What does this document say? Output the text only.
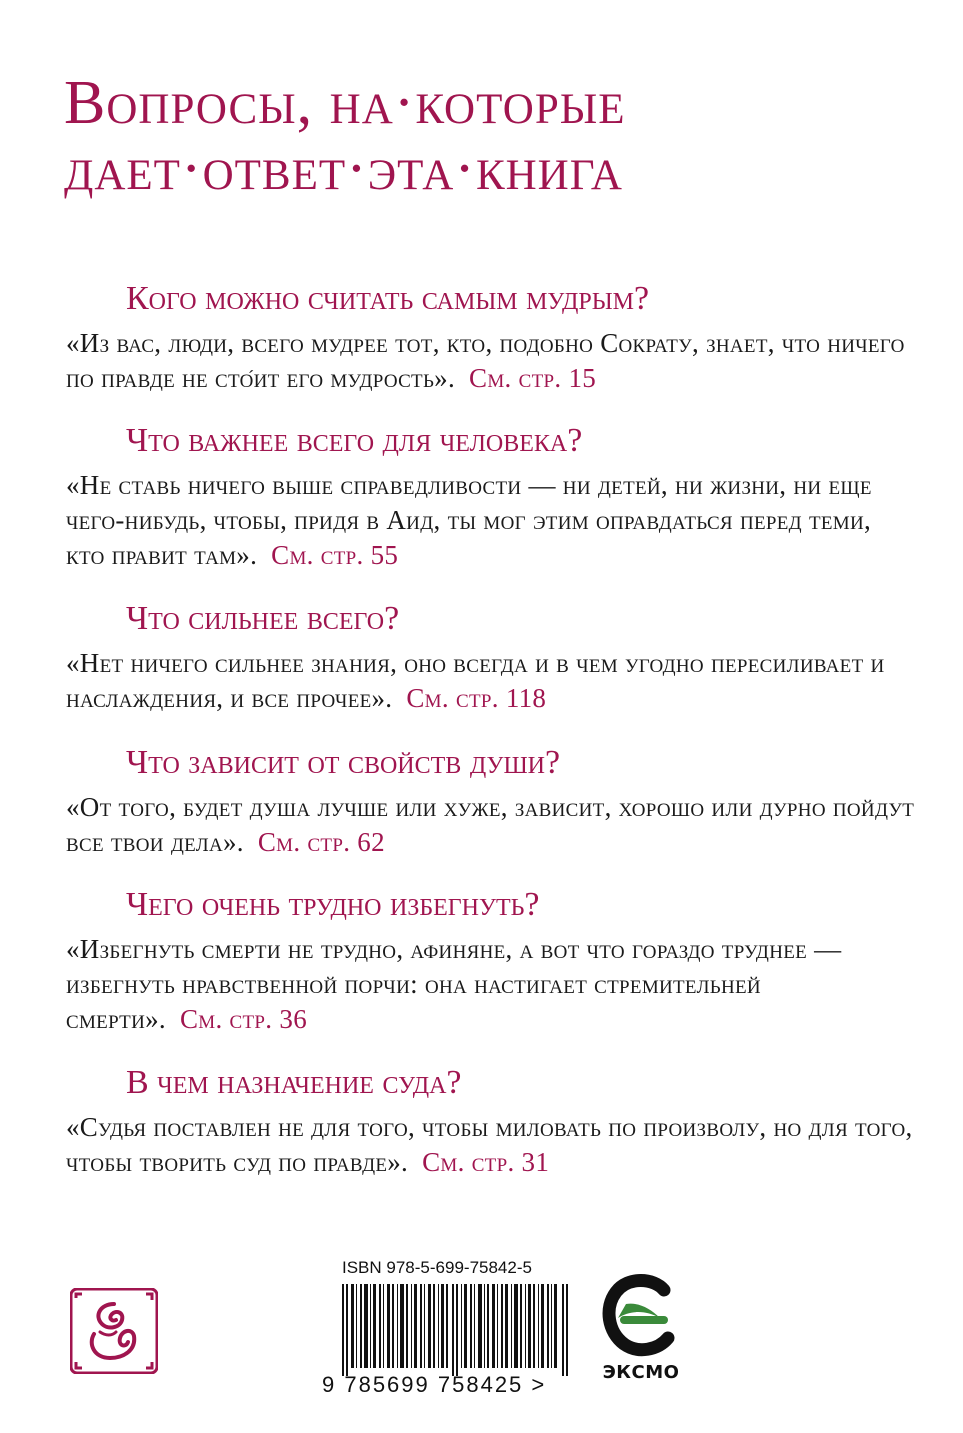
Вопросы, на·которые
дает·ответ·эта·книга

Кого можно считать самым мудрым?

«Из вас, люди, всего мудрее тот, кто, подобно Сократу, знает, что ничего по правде не сто́ит его мудрость». См. стр. 15

Что важнее всего для человека?

«Не ставь ничего выше справедливости — ни детей, ни жизни, ни еще чего-нибудь, чтобы, придя в Аид, ты мог этим оправдаться перед теми, кто правит там». См. стр. 55

Что сильнее всего?

«Нет ничего сильнее знания, оно всегда и в чем угодно пересиливает и наслаждения, и все прочее». См. стр. 118

Что зависит от свойств души?

«От того, будет душа лучше или хуже, зависит, хорошо или дурно пойдут все твои дела». См. стр. 62

Чего очень трудно избегнуть?

«Избегнуть смерти не трудно, афиняне, а вот что гораздо труднее — избегнуть нравственной порчи: она настигает стремительней смерти». См. стр. 36

В чем назначение суда?

«Судья поставлен не для того, чтобы миловать по произволу, но для того, чтобы творить суд по правде». См. стр. 31

ISBN 978-5-699-75842-5
9 785699 758425 >	ЭКСМО
